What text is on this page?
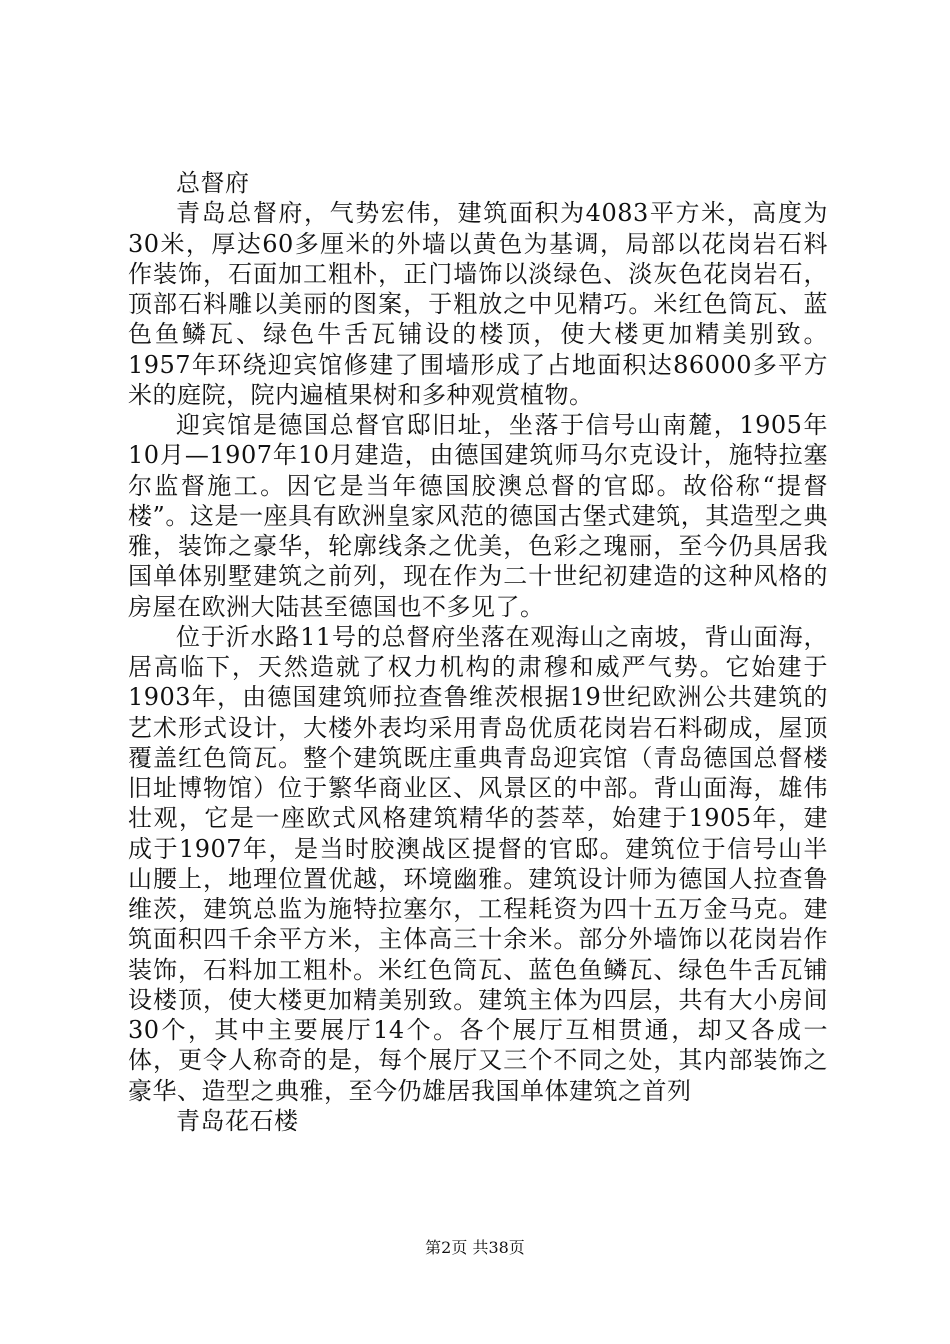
总督府

青岛总督府，气势宏伟，建筑面积为4083平方米，高度为30米，厚达60多厘米的外墙以黄色为基调，局部以花岗岩石料作装饰，石面加工粗朴，正门墙饰以淡绿色、淡灰色花岗岩石，顶部石料雕以美丽的图案，于粗放之中见精巧。米红色筒瓦、蓝色鱼鳞瓦、绿色牛舌瓦铺设的楼顶，使大楼更加精美别致。1957年环绕迎宾馆修建了围墙形成了占地面积达86000多平方米的庭院，院内遍植果树和多种观赏植物。

迎宾馆是德国总督官邸旧址，坐落于信号山南麓，1905年10月—1907年10月建造，由德国建筑师马尔克设计，施特拉塞尔监督施工。因它是当年德国胶澳总督的官邸。故俗称“提督楼”。这是一座具有欧洲皇家风范的德国古堡式建筑，其造型之典雅，装饰之豪华，轮廓线条之优美，色彩之瑰丽，至今仍具居我国单体别墅建筑之前列，现在作为二十世纪初建造的这种风格的房屋在欧洲大陆甚至德国也不多见了。

位于沂水路11号的总督府坐落在观海山之南坡，背山面海，居高临下，天然造就了权力机构的肃穆和威严气势。它始建于1903年，由德国建筑师拉查鲁维茨根据19世纪欧洲公共建筑的艺术形式设计，大楼外表均采用青岛优质花岗岩石料砌成，屋顶覆盖红色筒瓦。整个建筑既庄重典青岛迎宾馆（青岛德国总督楼旧址博物馆）位于繁华商业区、风景区的中部。背山面海，雄伟壮观，它是一座欧式风格建筑精华的荟萃，始建于1905年，建成于1907年，是当时胶澳战区提督的官邸。建筑位于信号山半山腰上，地理位置优越，环境幽雅。建筑设计师为德国人拉查鲁维茨，建筑总监为施特拉塞尔，工程耗资为四十五万金马克。建筑面积四千余平方米，主体高三十余米。部分外墙饰以花岗岩作装饰，石料加工粗朴。米红色筒瓦、蓝色鱼鳞瓦、绿色牛舌瓦铺设楼顶，使大楼更加精美别致。建筑主体为四层，共有大小房间30个，其中主要展厅14个。各个展厅互相贯通，却又各成一体，更令人称奇的是，每个展厅又三个不同之处，其内部装饰之豪华、造型之典雅，至今仍雄居我国单体建筑之首列

青岛花石楼

第2页 共38页
